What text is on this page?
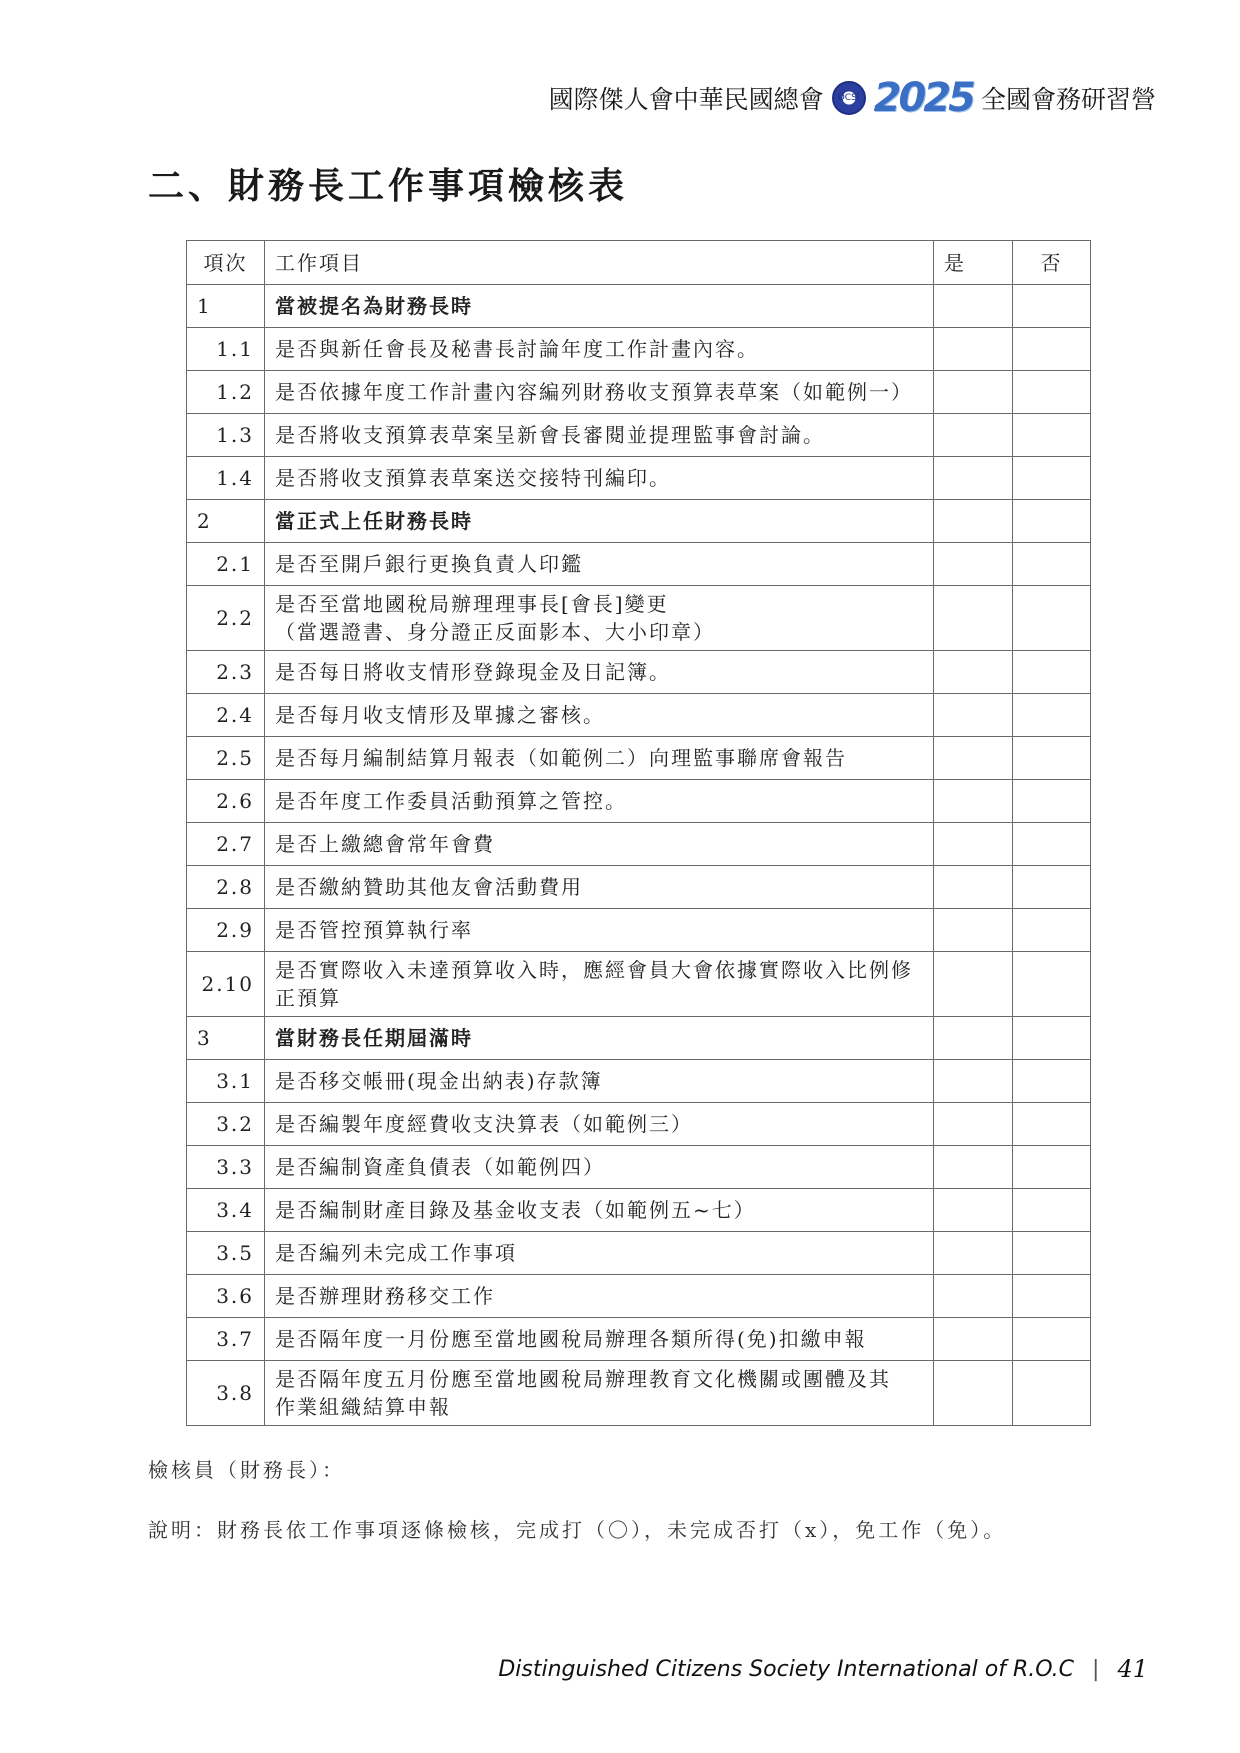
國際傑人會中華民國總會	DCSI 2025 全國會務研習營
二、財務長工作事項檢核表
項次	工作項目	是	否
1	當被提名為財務長時		
1.1	是否與新任會長及秘書長討論年度工作計畫內容。		
1.2	是否依據年度工作計畫內容編列財務收支預算表草案（如範例一）		
1.3	是否將收支預算表草案呈新會長審閱並提理監事會討論。		
1.4	是否將收支預算表草案送交接特刊編印。		
2	當正式上任財務長時		
2.1	是否至開戶銀行更換負責人印鑑		
2.2	是否至當地國稅局辦理理事長[會長]變更
（當選證書、身分證正反面影本、大小印章）		

2.3	是否每日將收支情形登錄現金及日記簿。		
2.4	是否每月收支情形及單據之審核。		
2.5	是否每月編制結算月報表（如範例二）向理監事聯席會報告		
2.6	是否年度工作委員活動預算之管控。		
2.7	是否上繳總會常年會費		
2.8	是否繳納贊助其他友會活動費用		
2.9	是否管控預算執行率		
2.10	是否實際收入未達預算收入時，應經會員大會依據實際收入比例修
正預算		

3	當財務長任期屆滿時		
3.1	是否移交帳冊(現金出納表)存款簿		
3.2	是否編製年度經費收支決算表（如範例三）		
3.3	是否編制資產負債表（如範例四）		
3.4	是否編制財產目錄及基金收支表（如範例五~七）		
3.5	是否編列未完成工作事項		
3.6	是否辦理財務移交工作		
3.7	是否隔年度一月份應至當地國稅局辦理各類所得(免)扣繳申報		
3.8	是否隔年度五月份應至當地國稅局辦理教育文化機關或團體及其
作業組織結算申報		

檢核員（財務長）：

說明：財務長依工作事項逐條檢核，完成打（〇），未完成否打（x），免工作（免）。

Distinguished Citizens Society International of R.O.C | 41
